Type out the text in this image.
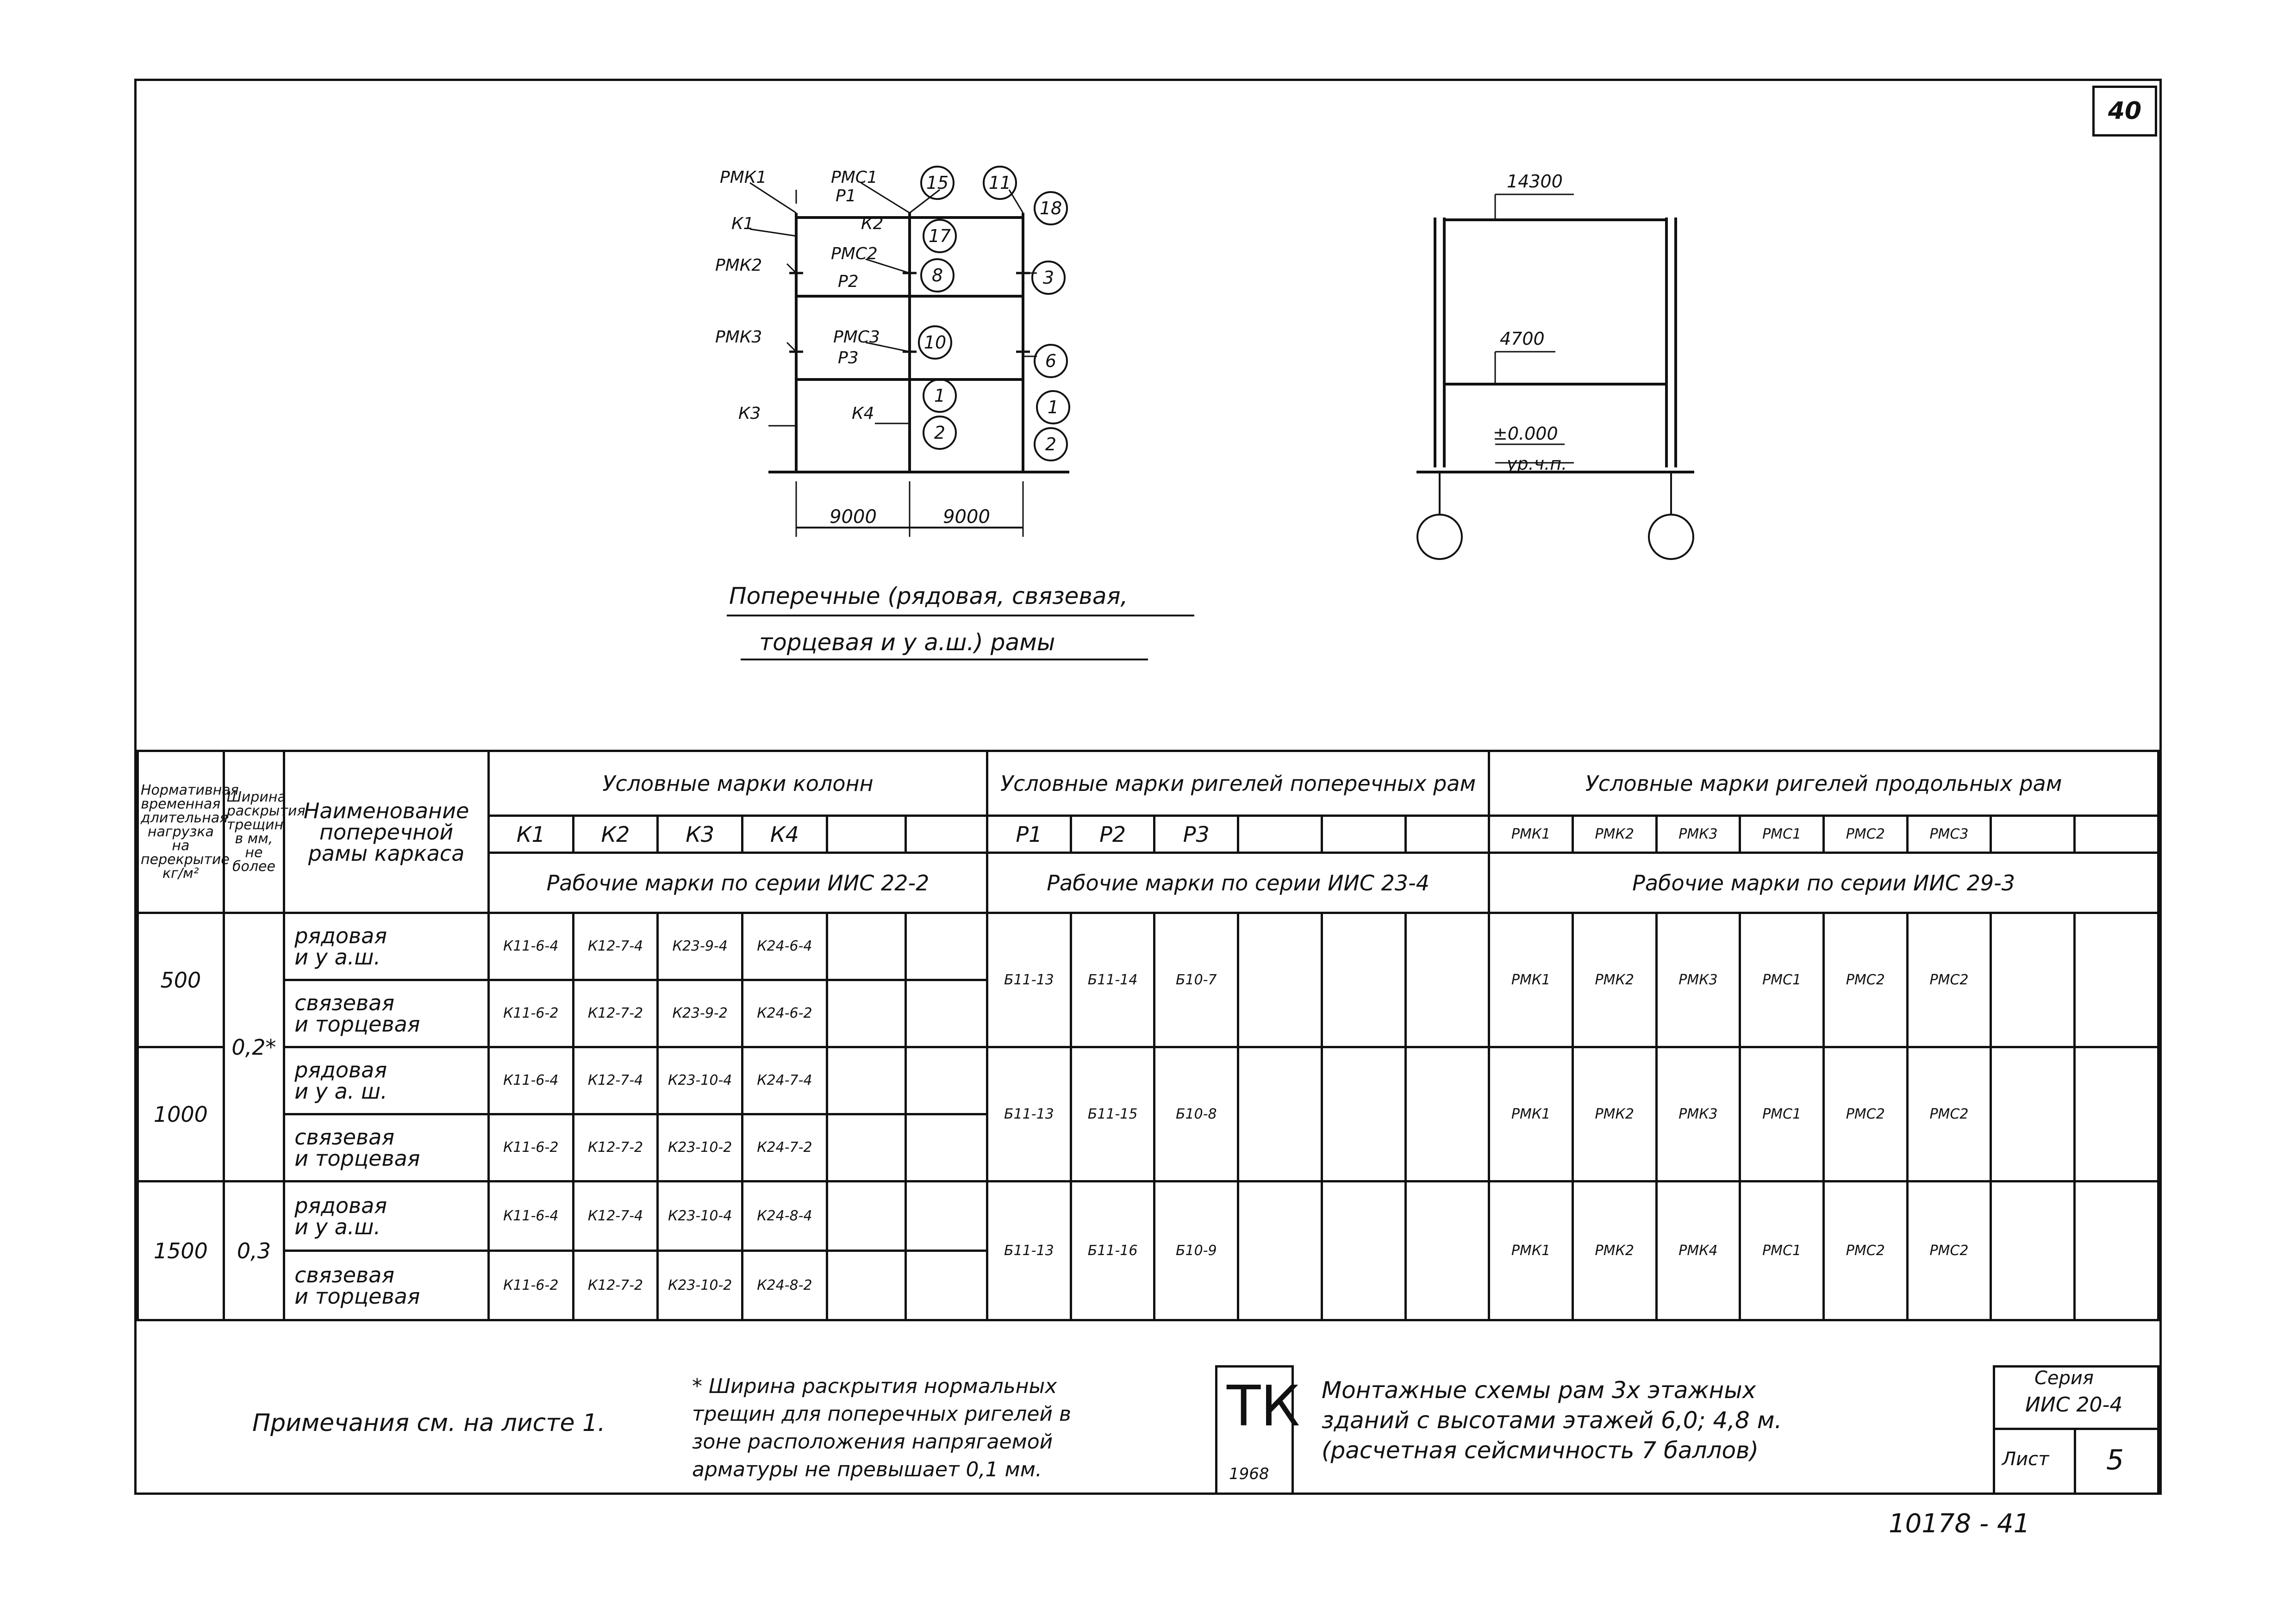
40
РМК1	РМС1
Р1
К1	К2
РМК2
РМС2
Р2
РМК3	РМС3
Р3
К3	К4
15 11
18
17
8	3
10
6
1
2
1
2
9000	9000
Поперечные (рядовая, связевая,
торцевая и у а.ш.) рамы
14300
4700
±0.000
ур.ч.п.
Нормативная временная длительная нагрузка на перекрытие кг/м²	Ширина раскрытия трещин в мм, не более	Наименование поперечной рамы каркаса	Условные марки колонн						Условные марки ригелей поперечных рам						Условные марки ригелей продольных рам							
			К1	К2	К3	К4			Р1	Р2	Р3				РМК1	РМК2	РМК3	РМС1	РМС2	РМС3		
			Рабочие марки по серии ИИС 22-2						Рабочие марки по серии ИИС 23-4						Рабочие марки по серии ИИС 29-3							
500	0,2*	рядовая
и у а.ш.	К11-6-4	К12-7-4	К23-9-4	К24-6-4			Б11-13	Б11-14	Б10-7				РМК1	РМК2	РМК3	РМС1	РМС2	РМС2		
		связевая
и торцевая	К11-6-2	К12-7-2	К23-9-2	К24-6-2																
1000		рядовая
и у а. ш.	К11-6-4	К12-7-4	К23-10-4	К24-7-4			Б11-13	Б11-15	Б10-8				РМК1	РМК2	РМК3	РМС1	РМС2	РМС2		
		связевая
и торцевая	К11-6-2	К12-7-2	К23-10-2	К24-7-2																
1500	0,3	рядовая
и у а.ш.	К11-6-4	К12-7-4	К23-10-4	К24-8-4			Б11-13	Б11-16	Б10-9				РМК1	РМК2	РМК4	РМС1	РМС2	РМС2		
		связевая
и торцевая	К11-6-2	К12-7-2	К23-10-2	К24-8-2																
Примечания см. на листе 1.
* Ширина раскрытия нормальных
трещин для поперечных ригелей в
зоне расположения напрягаемой
арматуры не превышает 0,1 мм.
ТК
1968
Монтажные схемы рам 3х этажных
зданий с высотами этажей 6,0; 4,8 м.
(расчетная сейсмичность 7 баллов)
Серия
ИИС 20-4
Лист 5
10178 - 41
